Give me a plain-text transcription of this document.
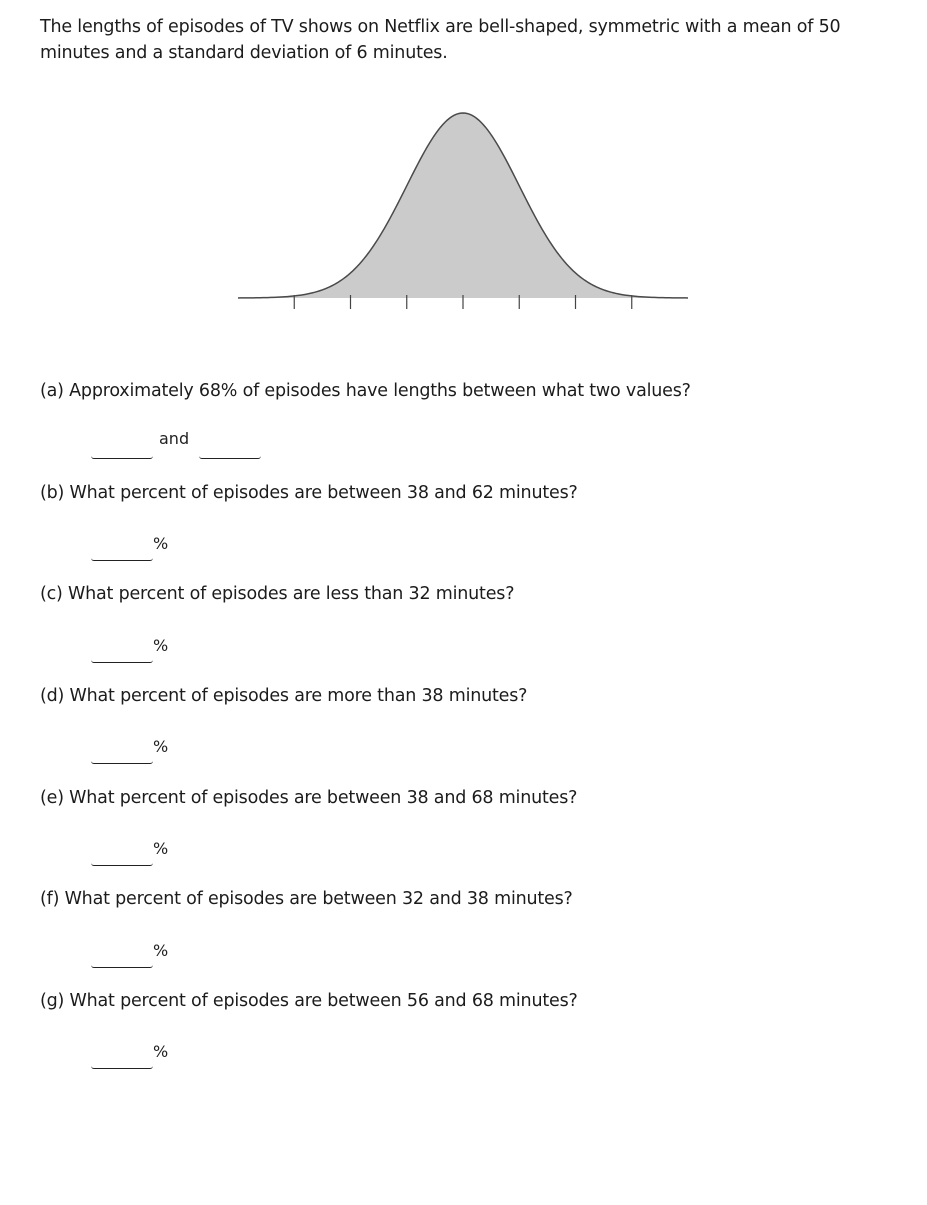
The lengths of episodes of TV shows on Netflix are bell-shaped, symmetric with a mean of 50 minutes and a standard deviation of 6 minutes.
(a) Approximately 68% of episodes have lengths between what two values?
and
(b) What percent of episodes are between 38 and 62 minutes?
%
(c) What percent of episodes are less than 32 minutes?
%
(d) What percent of episodes are more than 38 minutes?
%
(e) What percent of episodes are between 38 and 68 minutes?
%
(f) What percent of episodes are between 32 and 38 minutes?
%
(g) What percent of episodes are between 56 and 68 minutes?
%
